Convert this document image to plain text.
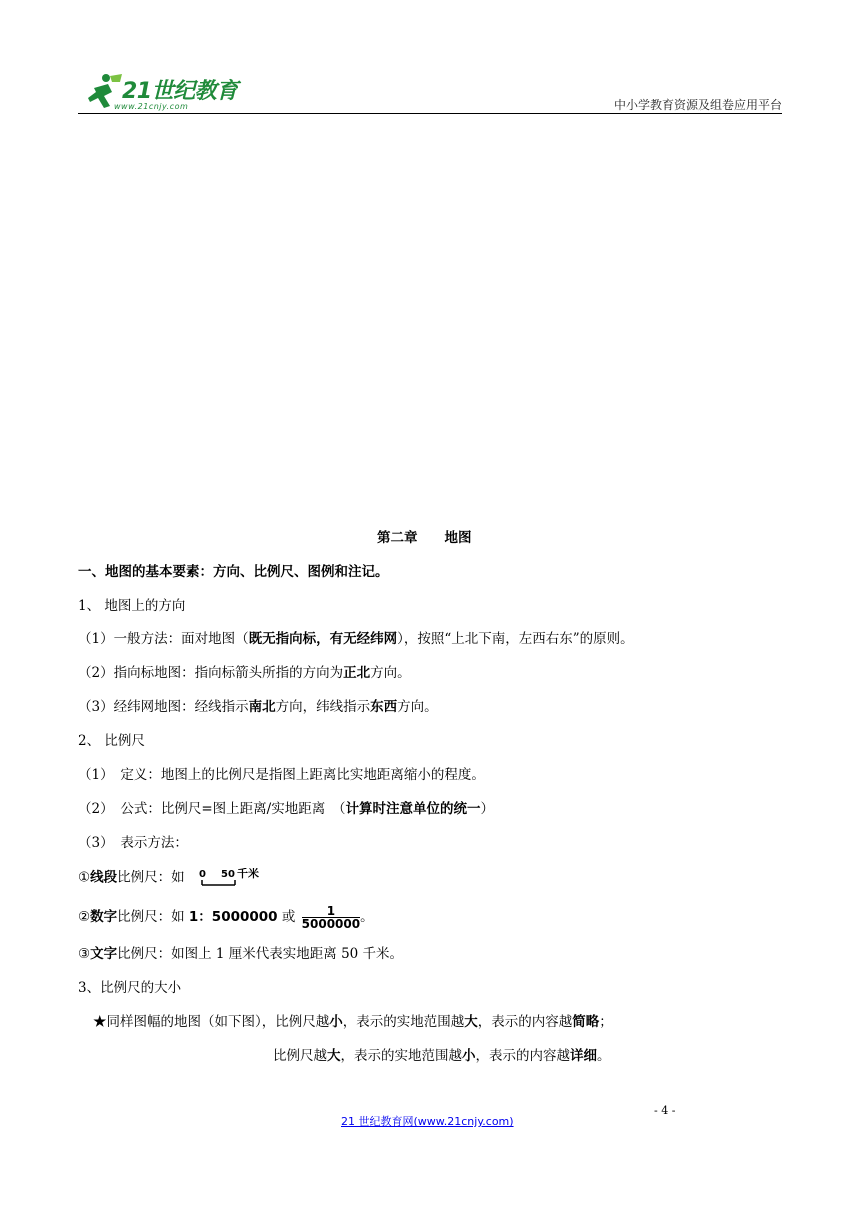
21世纪教育
www.21cnjy.com	中小学教育资源及组卷应用平台
第二章　　地图
一、地图的基本要素：方向、比例尺、图例和注记。
1、 地图上的方向
（1）一般方法：面对地图（既无指向标，有无经纬网），按照“上北下南，左西右东”的原则。
（2）指向标地图：指向标箭头所指的方向为正北方向。
（3）经纬网地图：经线指示南北方向，纬线指示东西方向。
2、 比例尺
（1）　定义：地图上的比例尺是指图上距离比实地距离缩小的程度。
（2）　公式：比例尺=图上距离/实地距离　（计算时注意单位的统一）
（3）　表示方法：
①线段比例尺：如 0 50 千米
②数字比例尺：如 1：5000000 或 $\frac{1}{5000000}$ 。
③文字比例尺：如图上 1 厘米代表实地距离 50 千米。
3、比例尺的大小
★同样图幅的地图（如下图），比例尺越小，表示的实地范围越大，表示的内容越简略；
比例尺越大，表示的实地范围越小，表示的内容越详细。
- 4 -
21 世纪教育网(www.21cnjy.com)
